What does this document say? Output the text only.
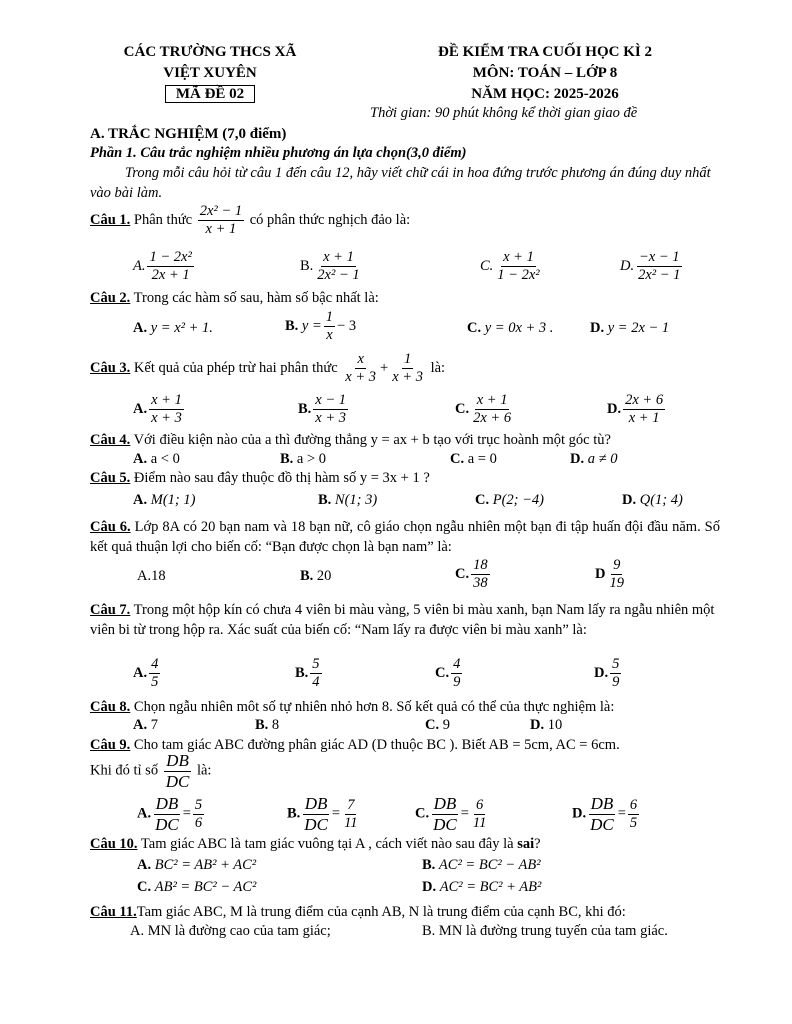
CÁC TRƯỜNG THCS XÃ
VIỆT XUYÊN
MÃ ĐỀ 02
ĐỀ KIỂM TRA CUỐI HỌC KÌ 2
MÔN: TOÁN – LỚP 8
NĂM HỌC: 2025-2026
Thời gian: 90 phút không kể thời gian giao đề
A. TRẮC NGHIỆM (7,0 điểm)
Phần 1. Câu trắc nghiệm nhiều phương án lựa chọn(3,0 điểm)
Trong mỗi câu hỏi từ câu 1 đến câu 12, hãy viết chữ cái in hoa đứng trước phương án đúng duy nhất vào bài làm.
Câu 1. Phân thức $\frac{\text{2x² − 1}}{x + 1}$ có phân thức nghịch đảo là:
A. $\frac{\text{1 − 2x²}}{2x + 1}$	B. $\frac{x + 1}{\text{2x² − 1}}$	C. $\frac{x + 1}{\text{1 − 2x²}}$	D. $\frac{-x - 1}{\text{2x² − 1}}$
Câu 2. Trong các hàm số sau, hàm số bậc nhất là:
A. y = x² + 1.	B. $y = \frac{1}{x} - 3$	C. y = 0x + 3 .	D. y = 2x − 1
Câu 3. Kết quả của phép trừ hai phân thức $\frac{x}{x + 3} + \frac{1}{x + 3}$ là:
A. $\frac{x + 1}{x + 3}$	B. $\frac{x - 1}{x + 3}$	C. $\frac{x + 1}{2x + 6}$	D. $\frac{2x + 6}{x + 1}$
Câu 4. Với điều kiện nào của a thì đường thẳng y = ax + b tạo với trục hoành một góc tù?
A. a < 0	B. a > 0	C. a = 0	D. a ≠ 0
Câu 5. Điểm nào sau đây thuộc đồ thị hàm số y = 3x + 1 ?
A. M(1; 1)	B. N(1; 3)	C. P(2; −4)	D. Q(1; 4)
Câu 6. Lớp 8A có 20 bạn nam và 18 bạn nữ, cô giáo chọn ngẫu nhiên một bạn đi tập huấn đội đầu năm. Số kết quả thuận lợi cho biến cố: “Bạn được chọn là bạn nam” là:
A.18	B. 20	C. $\frac{18}{38}$	D $\frac{9}{19}$
Câu 7. Trong một hộp kín có chưa 4 viên bi màu vàng, 5 viên bi màu xanh, bạn Nam lấy ra ngẫu nhiên một viên bi từ trong hộp ra. Xác suất của biến cố: “Nam lấy ra được viên bi màu xanh” là:
A. $\frac{4}{5}$	B. $\frac{5}{4}$	C. $\frac{4}{9}$	D. $\frac{5}{9}$
Câu 8. Chọn ngẫu nhiên môt số tự nhiên nhỏ hơn 8. Số kết quả có thể của thực nghiệm là:
A. 7	B. 8	C. 9	D. 10
Câu 9. Cho tam giác ABC đường phân giác AD (D thuộc BC ). Biết AB = 5cm, AC = 6cm.
Khi đó tỉ số $\frac{DB}{DC}$ là:
A. $\frac{DB}{DC} = \frac{5}{6}$	B. $\frac{DB}{DC} = \frac{7}{11}$	C. $\frac{DB}{DC} = \frac{6}{11}$	D. $\frac{DB}{DC} = \frac{6}{5}$
Câu 10. Tam giác ABC là tam giác vuông tại A , cách viết nào sau đây là sai?
A. BC² = AB² + AC²	B. AC² = BC² − AB²
C. AB² = BC² − AC²	D. AC² = BC² + AB²
Câu 11.Tam giác ABC, M là trung điểm của cạnh AB, N là trung điểm của cạnh BC, khi đó:
A. MN là đường cao của tam giác;	B. MN là đường trung tuyến của tam giác.
